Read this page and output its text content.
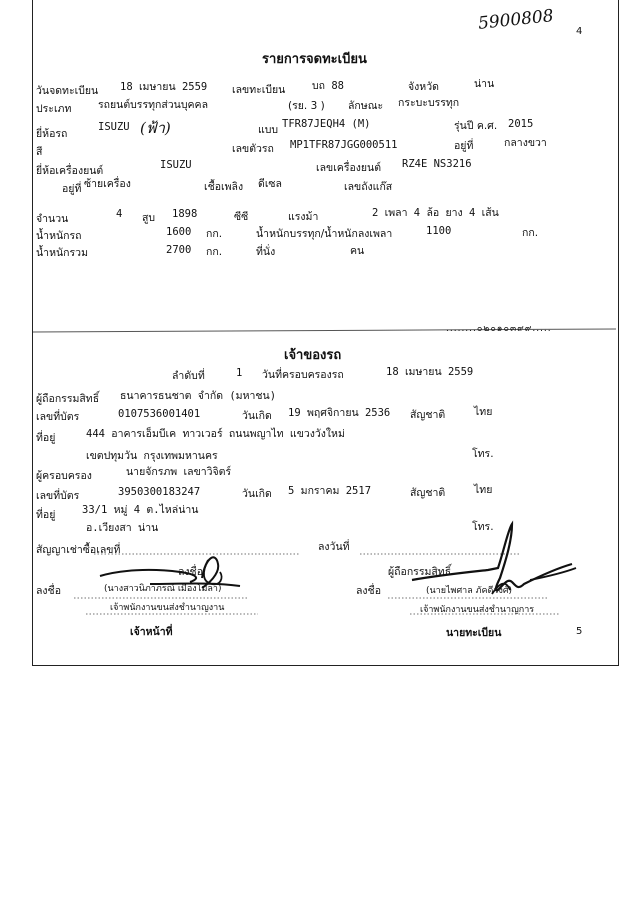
5900808 4
รายการจดทะเบียน
วันจดทะเบียน 18 เมษายน 2559 เลขทะเบียน	บถ 88	จังหวัด	น่าน
ประเภท	รถยนต์บรรทุกส่วนบุคคล	(รย. 3 ) ลักษณะ กระบะบรรทุก
ยี่ห้อรถ
ISUZU (ฟ้า)	แบบ TFR87JEQH4 (M)	รุ่นปี ค.ศ. 2015
สี	เลขตัวรถ MP1TFR87JGG000511	อยู่ที่	กลางขวา
ยี่ห้อเครื่องยนต์	ISUZU	เลขเครื่องยนต์ RZ4E NS3216
อยู่ที่ ซ้ายเครื่อง	เชื้อเพลิง ดีเซล	เลขถังแก๊ส
จำนวน	4 สูบ 1898	ซีซี	แรงม้า	2 เพลา 4 ล้อ ยาง 4 เส้น
น้ำหนักรถ	1600 กก.	น้ำหนักบรรทุก/น้ำหนักลงเพลา	1100	กก.
น้ำหนักรวม	2700 กก.	ที่นั่ง	คน
........๐๒๐๑๐๓๙๙.....
เจ้าของรถ
ลำดับที่	1 วันที่ครอบครองรถ	18 เมษายน 2559
ผู้ถือกรรมสิทธิ์ ธนาคารธนชาต จำกัด (มหาชน)
เลขที่บัตร	0107536001401	วันเกิด 19 พฤศจิกายน 2536 สัญชาติ	ไทย
ที่อยู่	444 อาคารเอ็มบีเค ทาวเวอร์ ถนนพญาไท แขวงวังใหม่
เขตปทุมวัน กรุงเทพมหานคร	โทร.
ผู้ครอบครอง	นายจักรภพ เลขาวิจิตร์
เลขที่บัตร	3950300183247	วันเกิด 5 มกราคม 2517	สัญชาติ	ไทย
ที่อยู่	33/1 หมู่ 4 ต.ไหล่น่าน
อ.เวียงสา น่าน	โทร.
สัญญาเช่าซื้อเลขที่	ลงวันที่
ลงชื่อ	ผู้ถือกรรมสิทธิ์
ลงชื่อ	(นางสาวนิภาภรณ์ เมืองโมลา)
เจ้าพนักงานขนส่งชำนาญงาน
เจ้าหน้าที่
ลงชื่อ	(นายไพศาล ภัคดีวงศ์)
เจ้าพนักงานขนส่งชำนาญการ
นายทะเบียน	5
